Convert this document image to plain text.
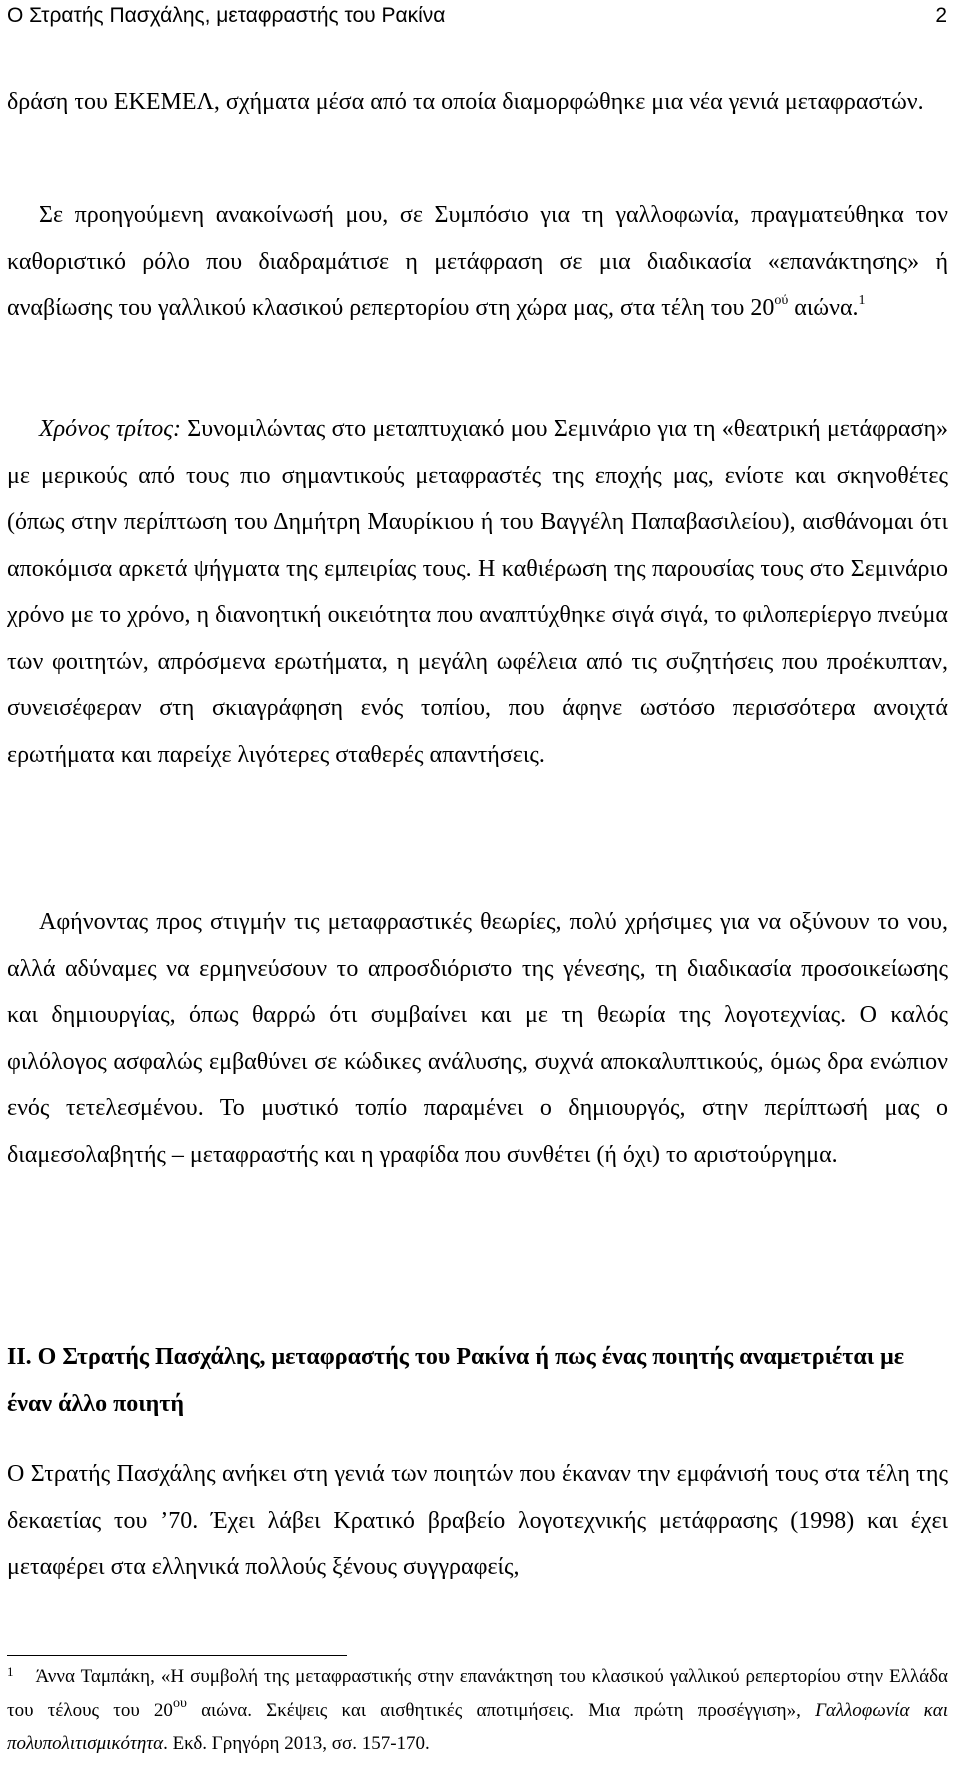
Ο Στρατής Πασχάλης, μεταφραστής του Ρακίνα	2

δράση του ΕΚΕΜΕΛ, σχήματα μέσα από τα οποία διαμορφώθηκε μια νέα γενιά μεταφραστών.

Σε προηγούμενη ανακοίνωσή μου, σε Συμπόσιο για τη γαλλοφωνία, πραγματεύθηκα τον καθοριστικό ρόλο που διαδραμάτισε η μετάφραση σε μια διαδικασία «επανάκτησης» ή αναβίωσης του γαλλικού κλασικού ρεπερτορίου στη χώρα μας, στα τέλη του $20^{oύ}$ αιώνα.$^1$

Χρόνος τρίτος: Συνομιλώντας στο μεταπτυχιακό μου Σεμινάριο για τη «θεατρική μετάφραση» με μερικούς από τους πιο σημαντικούς μεταφραστές της εποχής μας, ενίοτε και σκηνοθέτες (όπως στην περίπτωση του Δημήτρη Μαυρίκιου ή του Βαγγέλη Παπαβασιλείου), αισθάνομαι ότι αποκόμισα αρκετά ψήγματα της εμπειρίας τους. Η καθιέρωση της παρουσίας τους στο Σεμινάριο χρόνο με το χρόνο, η διανοητική οικειότητα που αναπτύχθηκε σιγά σιγά, το φιλοπερίεργο πνεύμα των φοιτητών, απρόσμενα ερωτήματα, η μεγάλη ωφέλεια από τις συζητήσεις που προέκυπταν, συνεισέφεραν στη σκιαγράφηση ενός τοπίου, που άφηνε ωστόσο περισσότερα ανοιχτά ερωτήματα και παρείχε λιγότερες σταθερές απαντήσεις.

Αφήνοντας προς στιγμήν τις μεταφραστικές θεωρίες, πολύ χρήσιμες για να οξύνουν το νου, αλλά αδύναμες να ερμηνεύσουν το απροσδιόριστο της γένεσης, τη διαδικασία προσοικείωσης και δημιουργίας, όπως θαρρώ ότι συμβαίνει και με τη θεωρία της λογοτεχνίας. Ο καλός φιλόλογος ασφαλώς εμβαθύνει σε κώδικες ανάλυσης, συχνά αποκαλυπτικούς, όμως δρα ενώπιον ενός τετελεσμένου. Το μυστικό τοπίο παραμένει ο δημιουργός, στην περίπτωσή μας ο διαμεσολαβητής – μεταφραστής και η γραφίδα που συνθέτει (ή όχι) το αριστούργημα.

ΙΙ. Ο Στρατής Πασχάλης, μεταφραστής του Ρακίνα ή πως ένας ποιητής αναμετριέται με έναν άλλο ποιητή

Ο Στρατής Πασχάλης ανήκει στη γενιά των ποιητών που έκαναν την εμφάνισή τους στα τέλη της δεκαετίας του ’70. Έχει λάβει Κρατικό βραβείο λογοτεχνικής μετάφρασης (1998) και έχει μεταφέρει στα ελληνικά πολλούς ξένους συγγραφείς,

$^1$ Άννα Ταμπάκη, «Η συμβολή της μεταφραστικής στην επανάκτηση του κλασικού γαλλικού ρεπερτορίου στην Ελλάδα του τέλους του $20^{o\upsilon}$ αιώνα. Σκέψεις και αισθητικές αποτιμήσεις. Μια πρώτη προσέγγιση», Γαλλοφωνία και πολυπολιτισμικότητα. Εκδ. Γρηγόρη 2013, σσ. 157-170.
